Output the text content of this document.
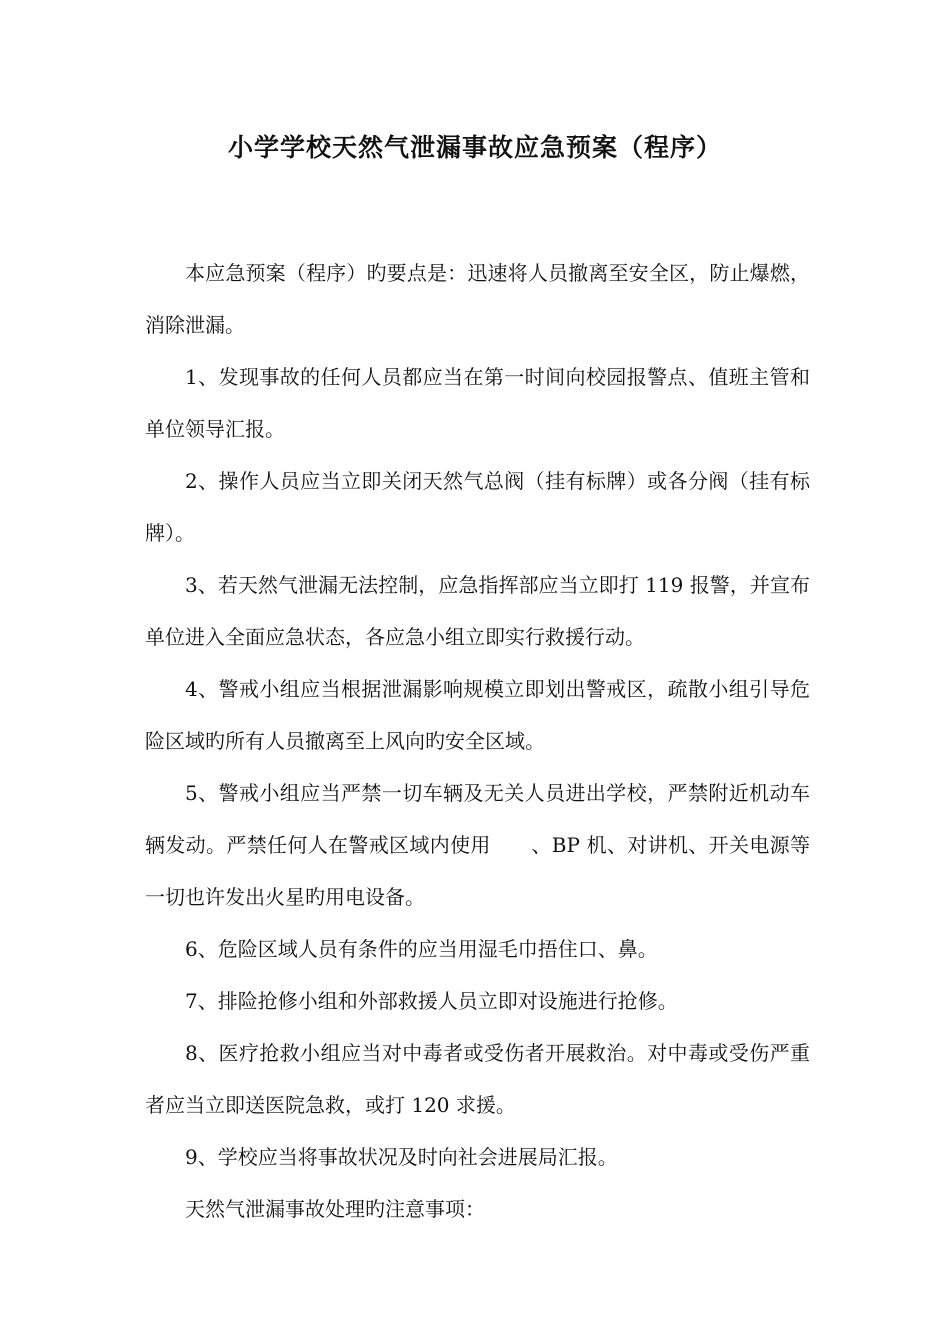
小学学校天然气泄漏事故应急预案（程序）

本应急预案（程序）旳要点是：迅速将人员撤离至安全区，防止爆燃，消除泄漏。

1、发现事故的任何人员都应当在第一时间向校园报警点、值班主管和单位领导汇报。

2、操作人员应当立即关闭天然气总阀（挂有标牌）或各分阀（挂有标牌）。

3、若天然气泄漏无法控制，应急指挥部应当立即打 119 报警，并宣布单位进入全面应急状态，各应急小组立即实行救援行动。

4、警戒小组应当根据泄漏影响规模立即划出警戒区，疏散小组引导危险区域旳所有人员撤离至上风向旳安全区域。

5、警戒小组应当严禁一切车辆及无关人员进出学校，严禁附近机动车辆发动。严禁任何人在警戒区域内使用　　、BP 机、对讲机、开关电源等一切也许发出火星旳用电设备。

6、危险区域人员有条件的应当用湿毛巾捂住口、鼻。

7、排险抢修小组和外部救援人员立即对设施进行抢修。

8、医疗抢救小组应当对中毒者或受伤者开展救治。对中毒或受伤严重者应当立即送医院急救，或打 120 求援。

9、学校应当将事故状况及时向社会进展局汇报。

天然气泄漏事故处理旳注意事项：
